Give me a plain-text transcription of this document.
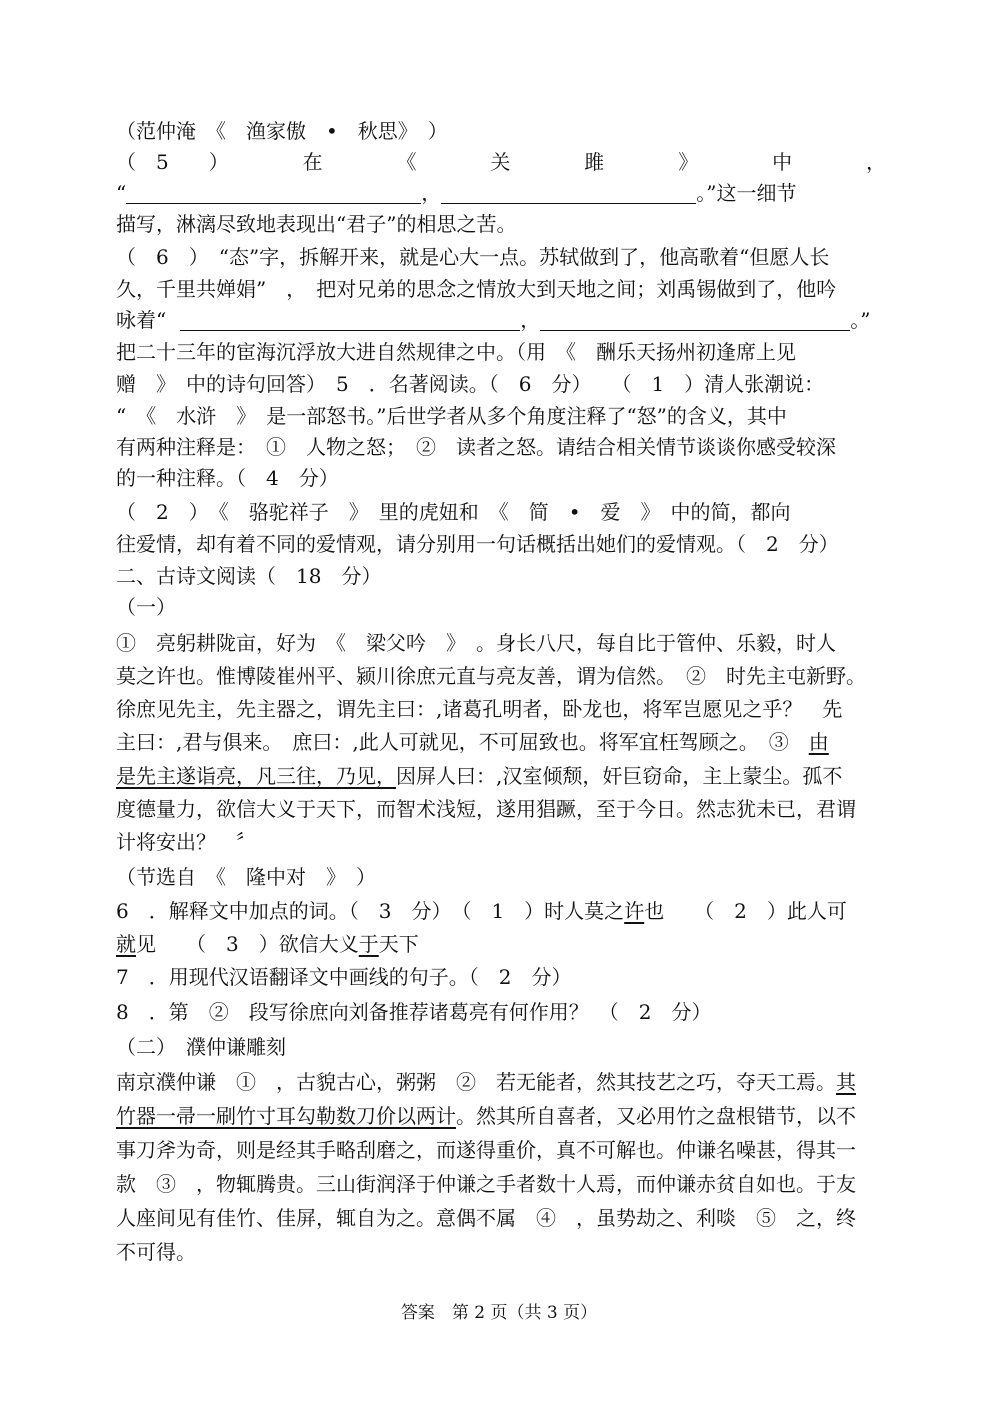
（范仲淹　《　渔家傲　•　秋思》　）
（　5　　）	在	《	关	雎	》	中	，
“	，	。”这一细节
描写，淋漓尽致地表现出“君子”的相思之苦。
（　6　）　“态”字，拆解开来，就是心大一点。苏轼做到了，他高歌着“但愿人长
久，千里共婵娟”　，　把对兄弟的思念之情放大到天地之间；刘禹锡做到了，他吟
咏着“	，	。”
把二十三年的宦海沉浮放大进自然规律之中。（用　《　酬乐天扬州初逢席上见
赠　》　中的诗句回答）　5　．名著阅读。（　6　分）　　（　1　）清人张潮说：
“　《　水浒　》　是一部怒书。”后世学者从多个角度注释了“怒”的含义，其中
有两种注释是：　①　人物之怒；　②　读者之怒。请结合相关情节谈谈你感受较深
的一种注释。（　4　分）
（　2　）　《　骆驼祥子　》　里的虎妞和　《　简　•　爱　》　中的简，都向
往爱情，却有着不同的爱情观，请分别用一句话概括出她们的爱情观。（　2　分）
二、古诗文阅读（　18　分）
（一）
①　亮躬耕陇亩，好为　《　梁父吟　》　。身长八尺，每自比于管仲、乐毅，时人
莫之许也。惟博陵崔州平、颍川徐庶元直与亮友善，谓为信然。　②　时先主屯新野。
徐庶见先主，先主器之，谓先主曰：,诸葛孔明者，卧龙也，将军岂愿见之乎？　先
主曰：,君与俱来。　庶曰：,此人可就见，不可屈致也。将军宜枉驾顾之。　③　由
是先主遂诣亮，凡三往，乃见，因屏人曰：,汉室倾颓，奸巨窃命，主上蒙尘。孤不
度德量力，欲信大义于天下，而智术浅短，遂用猖蹶，至于今日。然志犹未已，君谓
计将安出？　〞
（节选自　《　隆中对　》　）
6　．解释文中加点的词。（　3　分）　（　1　）时人莫之许也　　（　2　）此人可
就见　　（　3　）欲信大义于天下
7　．用现代汉语翻译文中画线的句子。（　2　分）
8　．第　②　段写徐庶向刘备推荐诸葛亮有何作用？　（　2　分）
（二）　濮仲谦雕刻
南京濮仲谦　①　，古貌古心，粥粥　②　若无能者，然其技艺之巧，夺天工焉。其
竹器一帚一刷竹寸耳勾勒数刀价以两计。然其所自喜者，又必用竹之盘根错节，以不
事刀斧为奇，则是经其手略刮磨之，而遂得重价，真不可解也。仲谦名噪甚，得其一
款　③　，物辄腾贵。三山街润泽于仲谦之手者数十人焉，而仲谦赤贫自如也。于友
人座间见有佳竹、佳屏，辄自为之。意偶不属　④　，虽势劫之、利啖　⑤　之，终
不可得。
答案　第 2 页（共 3 页）
